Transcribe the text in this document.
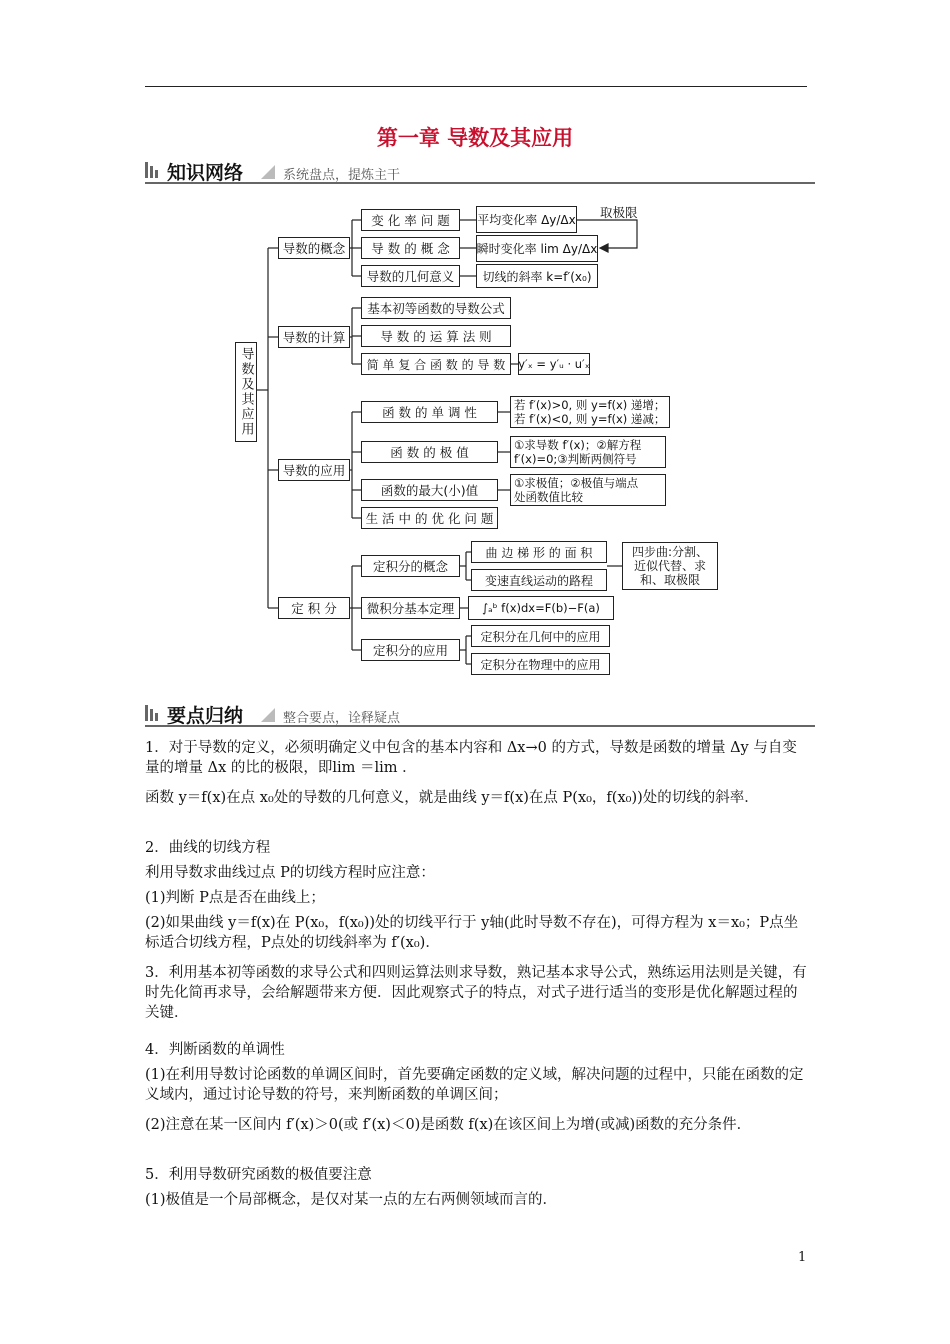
第一章 导数及其应用
知识网络	系统盘点，提炼主干
导数及其应用
导数的概念
导数的计算
导数的应用
定 积 分
变 化 率 问 题
导 数 的 概 念
导数的几何意义
平均变化率 Δy/Δx
瞬时变化率 lim Δy/Δx
切线的斜率 k=f′(x₀)
取极限
基本初等函数的导数公式
导 数 的 运 算 法 则
简 单 复 合 函 数 的 导 数	y′ₓ = y′ᵤ · u′ₓ
函 数 的 单 调 性
函 数 的 极 值
函数的最大(小)值
生 活 中 的 优 化 问 题
若 f′(x)>0, 则 y=f(x) 递增；
若 f′(x)<0, 则 y=f(x) 递减；
①求导数 f′(x)；②解方程
f′(x)=0;③判断两侧符号
①求极值；②极值与端点
处函数值比较
定积分的概念
微积分基本定理
定积分的应用
曲 边 梯 形 的 面 积
变速直线运动的路程
四步曲:分割、
近似代替、求
和、取极限
∫ₐᵇ f(x)dx=F(b)−F(a)
定积分在几何中的应用
定积分在物理中的应用
要点归纳	整合要点，诠释疑点
1．对于导数的定义，必须明确定义中包含的基本内容和 Δx→0 的方式，导数是函数的增量 Δy 与自变量的增量 Δx 的比的极限，即lim ＝lim ．
函数 y＝f(x)在点 x₀处的导数的几何意义，就是曲线 y＝f(x)在点 P(x₀，f(x₀))处的切线的斜率．
2．曲线的切线方程
利用导数求曲线过点 P的切线方程时应注意：
(1)判断 P点是否在曲线上；
(2)如果曲线 y＝f(x)在 P(x₀，f(x₀))处的切线平行于 y轴(此时导数不存在)，可得方程为 x＝x₀；P点坐标适合切线方程，P点处的切线斜率为 f′(x₀)．
3．利用基本初等函数的求导公式和四则运算法则求导数，熟记基本求导公式，熟练运用法则是关键，有时先化简再求导，会给解题带来方便．因此观察式子的特点，对式子进行适当的变形是优化解题过程的关键．
4．判断函数的单调性
(1)在利用导数讨论函数的单调区间时，首先要确定函数的定义域，解决问题的过程中，只能在函数的定义域内，通过讨论导数的符号，来判断函数的单调区间；
(2)注意在某一区间内 f′(x)＞0(或 f′(x)＜0)是函数 f(x)在该区间上为增(或减)函数的充分条件．
5．利用导数研究函数的极值要注意
(1)极值是一个局部概念，是仅对某一点的左右两侧领域而言的．
1
